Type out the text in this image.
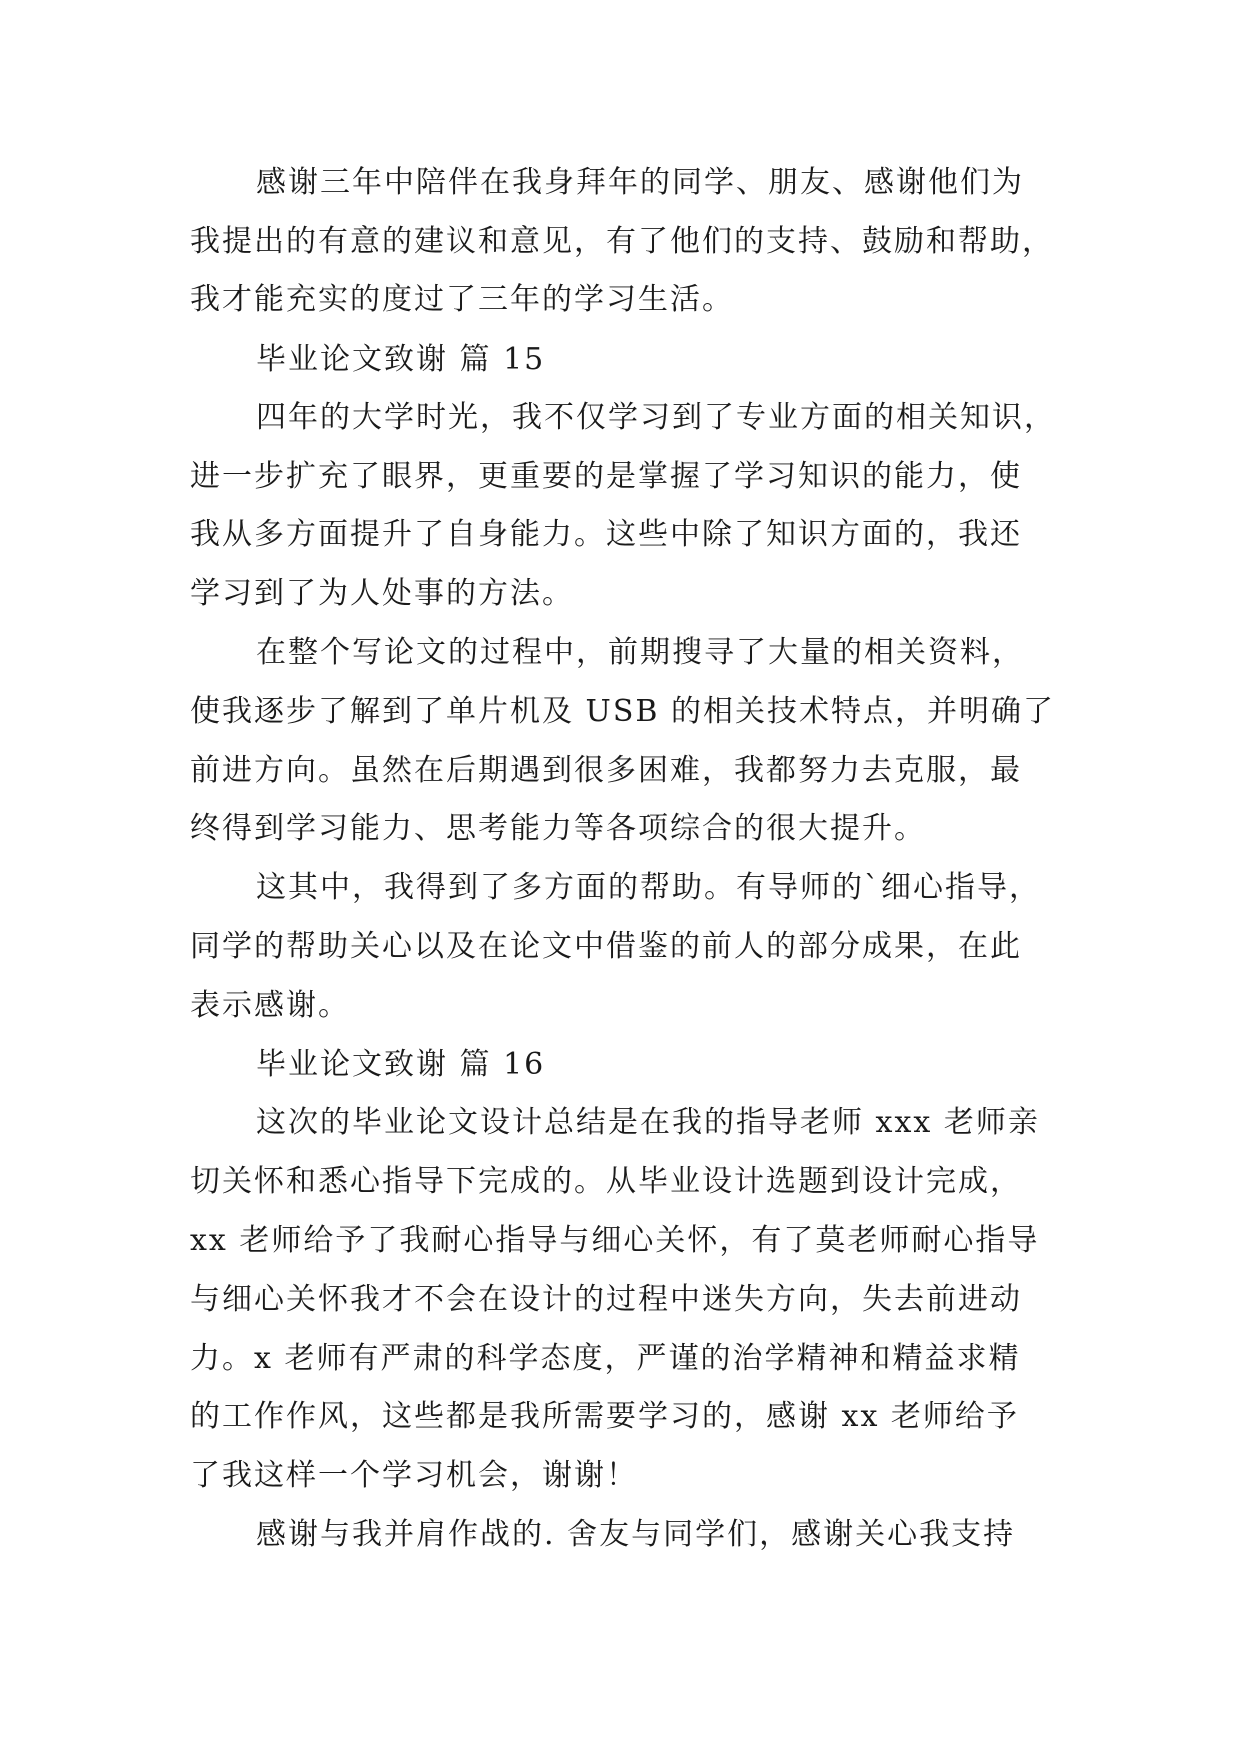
感谢三年中陪伴在我身拜年的同学、朋友、感谢他们为
我提出的有意的建议和意见，有了他们的支持、鼓励和帮助，
我才能充实的度过了三年的学习生活。
毕业论文致谢 篇 15
四年的大学时光，我不仅学习到了专业方面的相关知识，
进一步扩充了眼界，更重要的是掌握了学习知识的能力，使
我从多方面提升了自身能力。这些中除了知识方面的，我还
学习到了为人处事的方法。
在整个写论文的过程中，前期搜寻了大量的相关资料，
使我逐步了解到了单片机及 USB 的相关技术特点，并明确了
前进方向。虽然在后期遇到很多困难，我都努力去克服，最
终得到学习能力、思考能力等各项综合的很大提升。
这其中，我得到了多方面的帮助。有导师的`细心指导，
同学的帮助关心以及在论文中借鉴的前人的部分成果，在此
表示感谢。
毕业论文致谢 篇 16
这次的毕业论文设计总结是在我的指导老师 xxx 老师亲
切关怀和悉心指导下完成的。从毕业设计选题到设计完成，
xx 老师给予了我耐心指导与细心关怀，有了莫老师耐心指导
与细心关怀我才不会在设计的过程中迷失方向，失去前进动
力。x 老师有严肃的科学态度，严谨的治学精神和精益求精
的工作作风，这些都是我所需要学习的，感谢 xx 老师给予
了我这样一个学习机会，谢谢！
感谢与我并肩作战的. 舍友与同学们，感谢关心我支持
